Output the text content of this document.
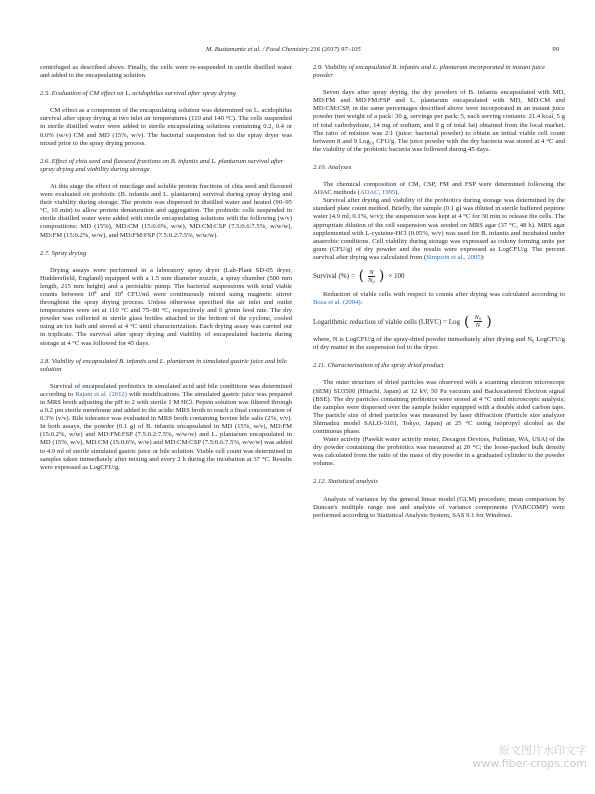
M. Bustamante et al. / Food Chemistry 216 (2017) 97–105	99

centrifuged as described above. Finally, the cells were re-suspended in sterile distilled water and added to the encapsulating solution.

2.5. Evaluation of CM effect on L. acidophilus survival after spray drying

CM effect as a component of the encapsulating solution was determined on L. acidophilus survival after spray drying at two inlet air temperatures (110 and 140 °C). The cells suspended in sterile distilled water were added to sterile encapsulating solutions containing 0.2, 0.4 or 0.6% (w/v) CM and MD (15%, w/v). The bacterial suspension fed to the spray dryer was mixed prior to the spray drying process.

2.6. Effect of chia seed and flaxseed fractions on B. infantis and L. plantarum survival after spray drying and viability during storage

At this stage the effect of mucilage and soluble protein fractions of chia seed and flaxseed were evaluated on probiotic (B. infantis and L. plantarum) survival during spray drying and their viability during storage. The protein was dispersed in distilled water and heated (90–95 °C, 10 min) to allow protein denaturation and aggregation. The probiotic cells suspended in sterile distilled water were added with sterile encapsulating solutions with the following (w/v) compositions: MD (15%), MD:CM (15:0.6%, w/w), MD:CM:CSP (7.5:0.6:7.5%, w/w/w), MD:FM (15:0.2%, w/w), and MD:FM:FSP (7.5:0.2:7.5%, w/w/w).

2.7. Spray drying

Drying assays were performed in a laboratory spray dryer (Lab-Plant SD-05 dryer, Huddersfield, England) equipped with a 1.5 mm diameter nozzle, a spray chamber (500 mm length, 215 mm height) and a peristaltic pump. The bacterial suspensions with total viable counts between 10⁸ and 10⁹ CFU/ml were continuously mixed using magnetic stirrer throughout the spray drying process. Unless otherwise specified the air inlet and outlet temperatures were set at 110 °C and 75–80 °C, respectively and 6 g/min feed rate. The dry powder was collected in sterile glass bottles attached to the bottom of the cyclone, cooled using an ice bath and stored at 4 °C until characterization. Each drying assay was carried out in triplicate. The survival after spray drying and viability of encapsulated bacteria during storage at 4 °C was followed for 45 days.

2.8. Viability of encapsulated B. infantis and L. plantarum in simulated gastric juice and bile solution

Survival of encapsulated probiotics in simulated acid and bile conditions was determined according to Rajam et al. (2012) with modifications. The simulated gastric juice was prepared in MRS broth adjusting the pH to 2 with sterile 1 M HCl. Pepsin solution was filtered through a 0.2 μm sterile membrane and added to the acidic MRS broth to reach a final concentration of 0.3% (v/v). Bile tolerance was evaluated in MRS broth containing bovine bile salts (2%, v/v). In both assays, the powder (0.1 g) of B. infantis encapsulated in MD (15%, w/v), MD:FM (15:0.2%, w/w) and MD:FM:FSP (7.5:0.2:7.5%, w/w/w) and L. plantarum encapsulated in MD (15%, w/v), MD:CM (15:0.6%, w/w) and MD:CM:CSP (7.5:0.6:7.5%, w/w/w) was added to 4.9 ml of sterile simulated gastric juice or bile solution. Viable cell count was determined in samples taken immediately after mixing and every 2 h during the incubation at 37 °C. Results were expressed as LogCFU/g.

2.9. Viability of encapsulated B. infantis and L. plantarum incorporated in instant juice powder

Seven days after spray drying, the dry powders of B. infantis encapsulated with MD, MD:FM and MD:FM:FSP and L. plantarum encapsulated with MD, MD:CM and MD:CM:CSP, in the same percentages described above were incorporated in an instant juice powder (net weight of a pack: 30 g, servings per pack: 5, each serving contains: 21.4 kcal, 5 g of total carbohydrate, 14 mg of sodium, and 0 g of total fat) obtained from the local market. The ratio of mixture was 2:1 (juice: bacterial powder) to obtain an initial viable cell count between 8 and 9 Log₁₀ CFU/g. The juice powder with the dry bacteria was stored at 4 °C and the viability of the probiotic bacteria was followed during 45 days.

2.10. Analyses

The chemical composition of CM, CSP, FM and FSP were determined following the AOAC methods (AOAC, 1995).

Survival after drying and viability of the probiotics during storage was determined by the standard plate count method. Briefly, the sample (0.1 g) was diluted in sterile buffered peptone water (4.9 ml; 0.1%, w/v); the suspension was kept at 4 °C for 30 min to release the cells. The appropriate dilution of the cell suspension was seeded on MRS agar (37 °C, 48 h). MRS agar supplemented with L-cysteine-HCl (0.05%, w/v) was used for B. infantis and incubated under anaerobic conditions. Cell viability during storage was expressed as colony forming units per gram (CFU/g) of dry powder and the results were expressed as LogCFU/g. The percent survival after drying was calculated from (Simpson et al., 2005):

Survival (%) = ( $\frac{N}{\text{N₀}}$ ) × 100

Reduction of viable cells with respect to counts after drying was calculated according to Boza et al. (2004):

Logarithmic reduction of viable cells (LRVC) = Log ( $\frac{\text{N₀}}{N}$ )

where, N is LogCFU/g of the spray-dried powder immediately after drying and N₀ LogCFU/g of dry matter in the suspension fed to the dryer.

2.11. Characterization of the spray dried product

The outer structure of dried particles was observed with a scanning electron microscope (SEM) SU3500 (Hitachi, Japan) at 12 kV, 50 Pa vacuum and Backscattered Electron signal (BSE). The dry particles containing probiotics were stored at 4 °C until microscopic analysis; the samples were dispersed over the sample holder equipped with a double sided carbon tape. The particle size of dried particles was measured by laser diffraction (Particle size analyzer Shimadzu model SALD-3101, Tokyo, Japan) at 25 °C using isopropyl alcohol as the continuous phase.

Water activity (Pawkit water activity meter, Decagon Devices, Pullman, WA, USA) of the dry powder containing the probiotics was measured at 20 °C; the loose-packed bulk density was calculated from the ratio of the mass of dry powder in a graduated cylinder to the powder volume.

2.12. Statistical analysis

Analysis of variance by the general linear model (GLM) procedure, mean comparison by Duncan's multiple range test and analysis of variance components (VARCOMP) were performed according to Statistical Analysis System, SAS 9.1 for Windows.

原文图片水印文字
www.fiber-crops.com
